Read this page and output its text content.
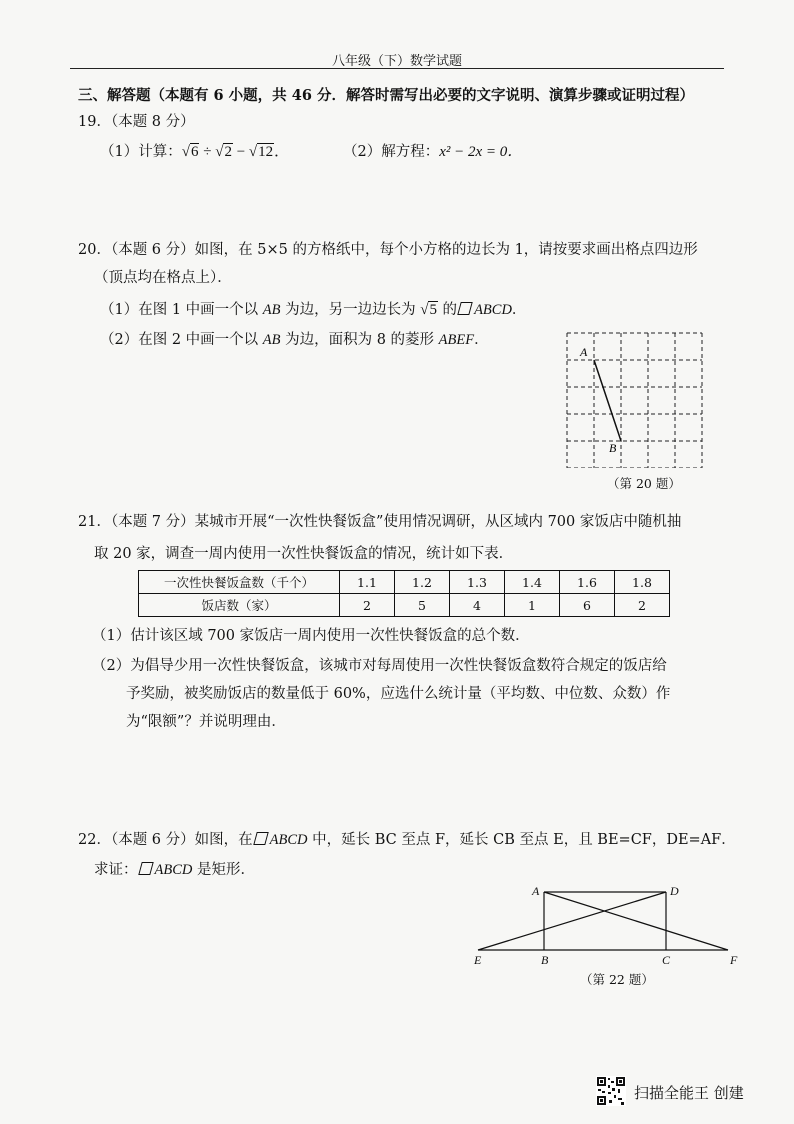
八年级（下）数学试题
三、解答题（本题有 6 小题，共 46 分．解答时需写出必要的文字说明、演算步骤或证明过程）
19．（本题 8 分）
（1）计算：√6 ÷ √2 − √12．	（2）解方程：x² − 2x = 0．
20．（本题 6 分）如图，在 5×5 的方格纸中，每个小方格的边长为 1，请按要求画出格点四边形
（顶点均在格点上）．
（1）在图 1 中画一个以 AB 为边，另一边边长为 √5 的 ABCD．
（2）在图 2 中画一个以 AB 为边，面积为 8 的菱形 ABEF．
A
B
（第 20 题）
21．（本题 7 分）某城市开展“一次性快餐饭盒”使用情况调研，从区域内 700 家饭店中随机抽
取 20 家，调查一周内使用一次性快餐饭盒的情况，统计如下表．
一次性快餐饭盒数（千个）	1.1	1.2	1.3	1.4	1.6	1.8
饭店数（家）	2	5	4	1	6	2
（1）估计该区域 700 家饭店一周内使用一次性快餐饭盒的总个数．
（2）为倡导少用一次性快餐饭盒，该城市对每周使用一次性快餐饭盒数符合规定的饭店给
予奖励，被奖励饭店的数量低于 60%，应选什么统计量（平均数、中位数、众数）作
为“限额”？并说明理由．
22．（本题 6 分）如图，在 ABCD 中，延长 BC 至点 F，延长 CB 至点 E，且 BE=CF，DE=AF．
求证： ABCD 是矩形．
A	D
E	B	C	F
（第 22 题）
扫描全能王 创建
